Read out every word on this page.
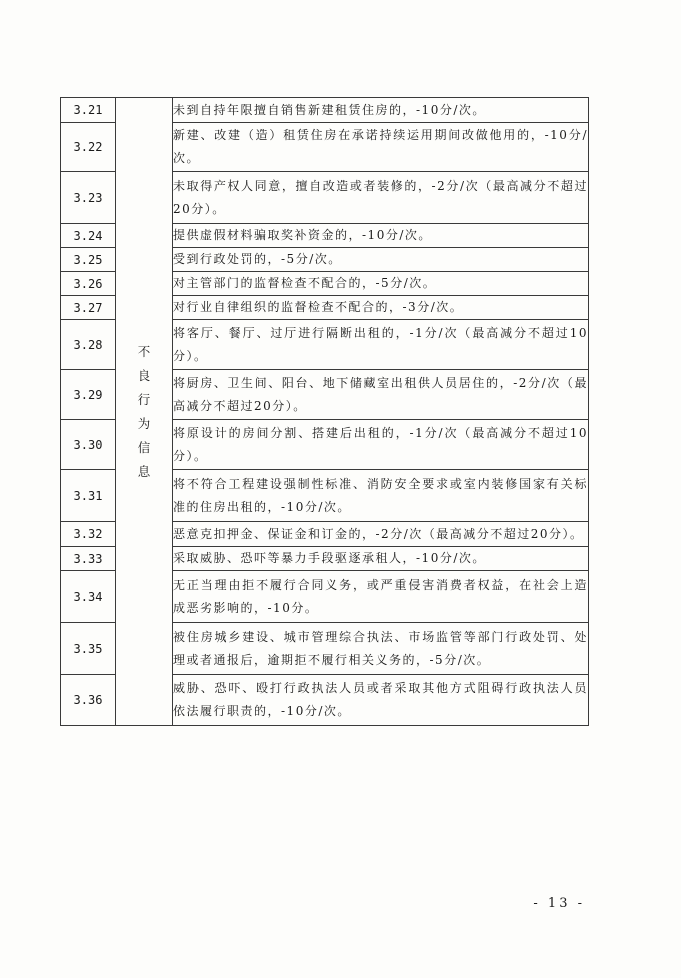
3.21	不良行为信息	未到自持年限擅自销售新建租赁住房的，-10分/次。
3.22		新建、改建（造）租赁住房在承诺持续运用期间改做他用的，-10分/次。
3.23		未取得产权人同意，擅自改造或者装修的，-2分/次（最高减分不超过20分）。
3.24		提供虚假材料骗取奖补资金的，-10分/次。
3.25		受到行政处罚的，-5分/次。
3.26		对主管部门的监督检查不配合的，-5分/次。
3.27		对行业自律组织的监督检查不配合的，-3分/次。
3.28		将客厅、餐厅、过厅进行隔断出租的，-1分/次（最高减分不超过10分）。
3.29		将厨房、卫生间、阳台、地下储藏室出租供人员居住的，-2分/次（最高减分不超过20分）。
3.30		将原设计的房间分割、搭建后出租的，-1分/次（最高减分不超过10分）。
3.31		将不符合工程建设强制性标准、消防安全要求或室内装修国家有关标准的住房出租的，-10分/次。
3.32		恶意克扣押金、保证金和订金的，-2分/次（最高减分不超过20分）。
3.33		采取威胁、恐吓等暴力手段驱逐承租人，-10分/次。
3.34		无正当理由拒不履行合同义务，或严重侵害消费者权益，在社会上造成恶劣影响的，-10分。
3.35		被住房城乡建设、城市管理综合执法、市场监管等部门行政处罚、处理或者通报后，逾期拒不履行相关义务的，-5分/次。
3.36		威胁、恐吓、殴打行政执法人员或者采取其他方式阻碍行政执法人员依法履行职责的，-10分/次。
- 13 -
